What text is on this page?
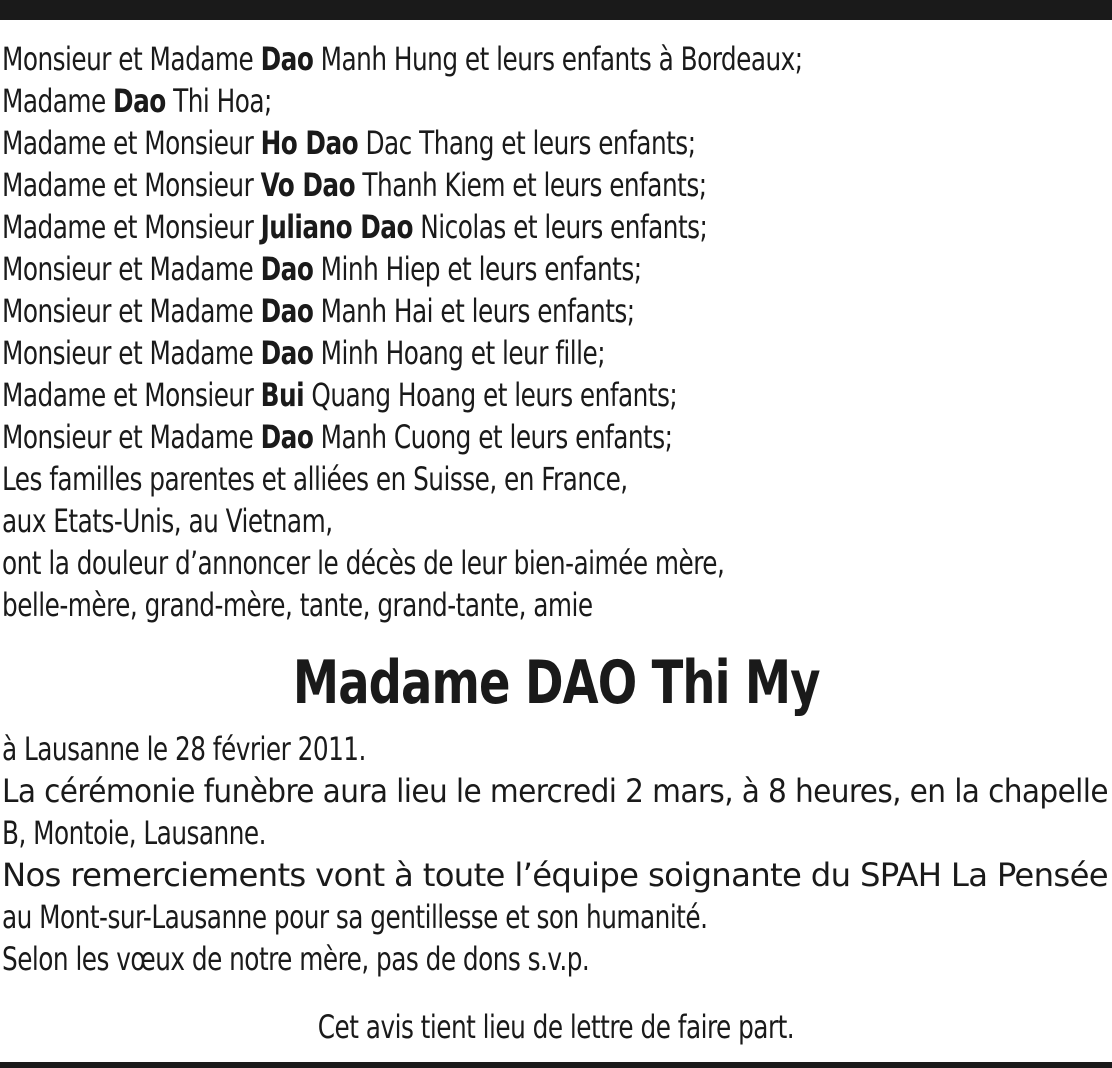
Monsieur et Madame Dao Manh Hung et leurs enfants à Bordeaux;
Madame Dao Thi Hoa;
Madame et Monsieur Ho Dao Dac Thang et leurs enfants;
Madame et Monsieur Vo Dao Thanh Kiem et leurs enfants;
Madame et Monsieur Juliano Dao Nicolas et leurs enfants;
Monsieur et Madame Dao Minh Hiep et leurs enfants;
Monsieur et Madame Dao Manh Hai et leurs enfants;
Monsieur et Madame Dao Minh Hoang et leur fille;
Madame et Monsieur Bui Quang Hoang et leurs enfants;
Monsieur et Madame Dao Manh Cuong et leurs enfants;
Les familles parentes et alliées en Suisse, en France,
aux Etats-Unis, au Vietnam,
ont la douleur d’annoncer le décès de leur bien-aimée mère,
belle-mère, grand-mère, tante, grand-tante, amie
Madame DAO Thi My
à Lausanne le 28 février 2011.
La cérémonie funèbre aura lieu le mercredi 2 mars, à 8 heures, en la chapelle
B, Montoie, Lausanne.
Nos remerciements vont à toute l’équipe soignante du SPAH La Pensée
au Mont-sur-Lausanne pour sa gentillesse et son humanité.
Selon les vœux de notre mère, pas de dons s.v.p.
Cet avis tient lieu de lettre de faire part.
